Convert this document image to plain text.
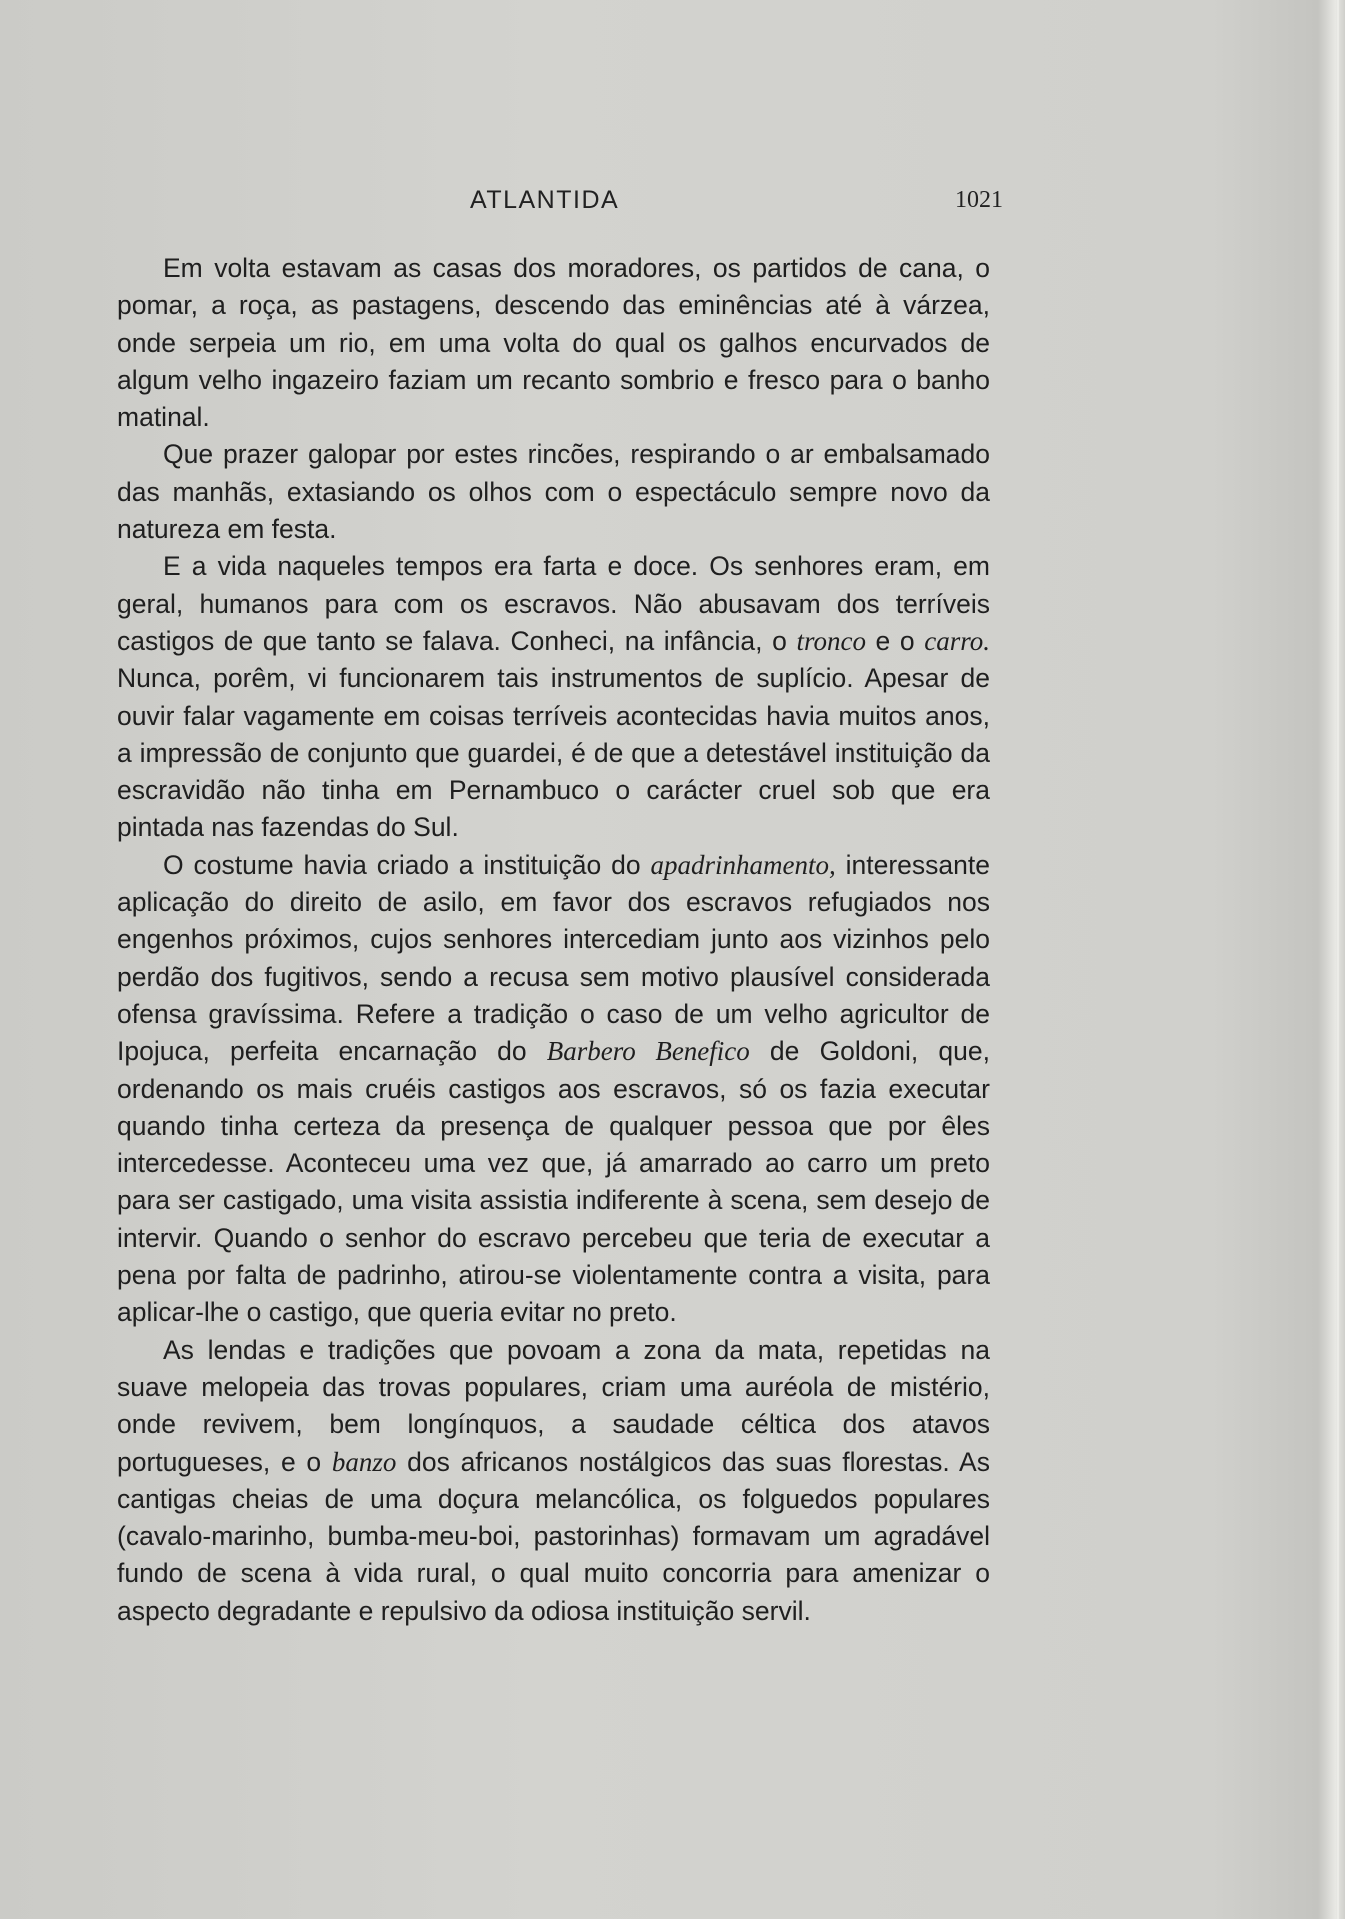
ATLANTIDA	1021

Em volta estavam as casas dos moradores, os partidos de cana, o pomar, a roça, as pastagens, descendo das eminências até à várzea, onde serpeia um rio, em uma volta do qual os galhos encurvados de algum velho ingazeiro faziam um recanto sombrio e fresco para o banho matinal.

Que prazer galopar por estes rincões, respirando o ar embalsamado das manhãs, extasiando os olhos com o espectáculo sempre novo da natureza em festa.

E a vida naqueles tempos era farta e doce. Os senhores eram, em geral, humanos para com os escravos. Não abusavam dos terríveis castigos de que tanto se falava. Conheci, na infância, o tronco e o carro. Nunca, porêm, vi funcionarem tais instrumentos de suplício. Apesar de ouvir falar vagamente em coisas terríveis acontecidas havia muitos anos, a impressão de conjunto que guardei, é de que a detestável instituição da escravidão não tinha em Pernambuco o carácter cruel sob que era pintada nas fazendas do Sul.

O costume havia criado a instituição do apadrinhamento, interessante aplicação do direito de asilo, em favor dos escravos refugiados nos engenhos próximos, cujos senhores intercediam junto aos vizinhos pelo perdão dos fugitivos, sendo a recusa sem motivo plausível considerada ofensa gravíssima. Refere a tradição o caso de um velho agricultor de Ipojuca, perfeita encarnação do Barbero Benefico de Goldoni, que, ordenando os mais cruéis castigos aos escravos, só os fazia executar quando tinha certeza da presença de qualquer pessoa que por êles intercedesse. Aconteceu uma vez que, já amarrado ao carro um preto para ser castigado, uma visita assistia indiferente à scena, sem desejo de intervir. Quando o senhor do escravo percebeu que teria de executar a pena por falta de padrinho, atirou-se violentamente contra a visita, para aplicar-lhe o castigo, que queria evitar no preto.

As lendas e tradições que povoam a zona da mata, repetidas na suave melopeia das trovas populares, criam uma auréola de mistério, onde revivem, bem longínquos, a saudade céltica dos atavos portugueses, e o banzo dos africanos nostálgicos das suas florestas. As cantigas cheias de uma doçura melancólica, os folguedos populares (cavalo-marinho, bumba-meu-boi, pastorinhas) formavam um agradável fundo de scena à vida rural, o qual muito concorria para amenizar o aspecto degradante e repulsivo da odiosa instituição servil.
